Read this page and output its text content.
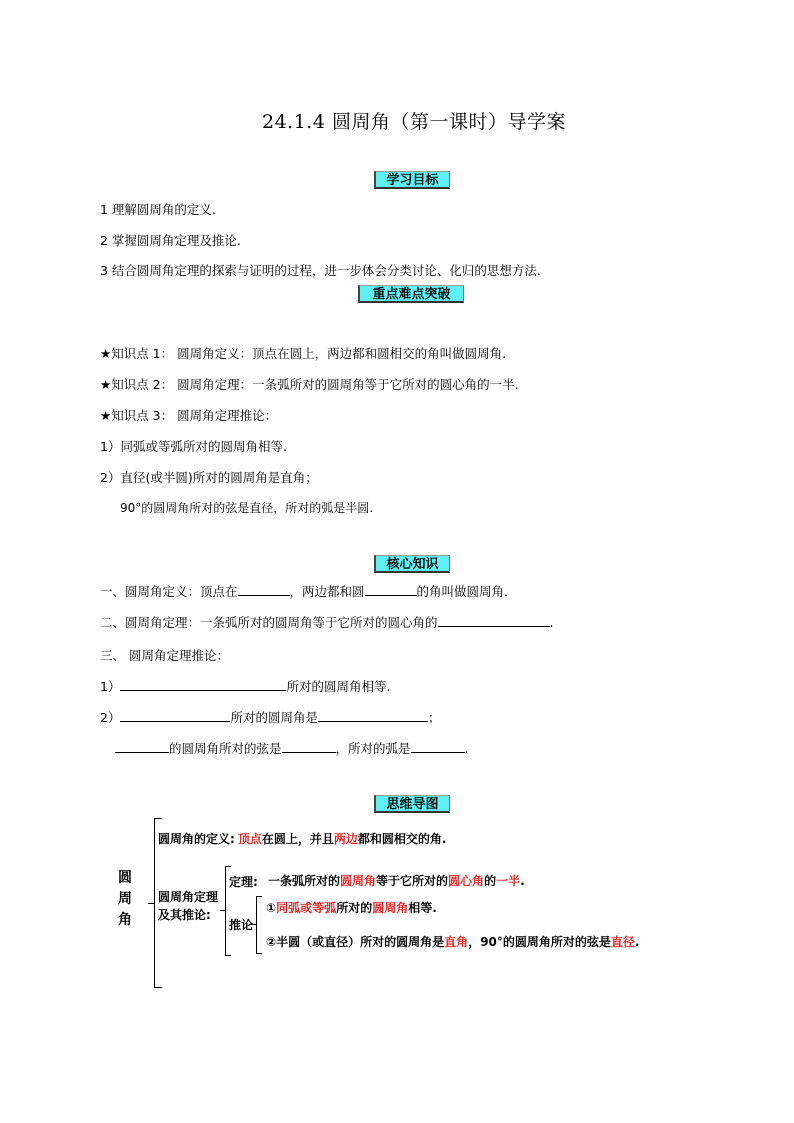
24.1.4 圆周角（第一课时）导学案
学习目标
1 理解圆周角的定义.
2 掌握圆周角定理及推论.
3 结合圆周角定理的探索与证明的过程，进一步体会分类讨论、化归的思想方法.
重点难点突破
★知识点 1： 圆周角定义：顶点在圆上，两边都和圆相交的角叫做圆周角.
★知识点 2： 圆周角定理：一条弧所对的圆周角等于它所对的圆心角的一半.
★知识点 3： 圆周角定理推论：
1）同弧或等弧所对的圆周角相等.
2）直径(或半圆)所对的圆周角是直角；
90°的圆周角所对的弦是直径，所对的弧是半圆.
核心知识
一、圆周角定义：顶点在	，两边都和圆	的角叫做圆周角.
二、圆周角定理：一条弧所对的圆周角等于它所对的圆心角的	.
三、 圆周角定理推论：
1）	所对的圆周角相等.
2）	所对的圆周角是	；
的圆周角所对的弦是	，所对的弧是	.
思维导图
圆周角
圆周角的定义: 顶点在圆上，并且两边都和圆相交的角.
圆周角定理及其推论:
定理: 一条弧所对的圆周角等于它所对的圆心角的一半.
推论
①同弧或等弧所对的圆周角相等.
②半圆（或直径）所对的圆周角是直角，90°的圆周角所对的弦是直径.
